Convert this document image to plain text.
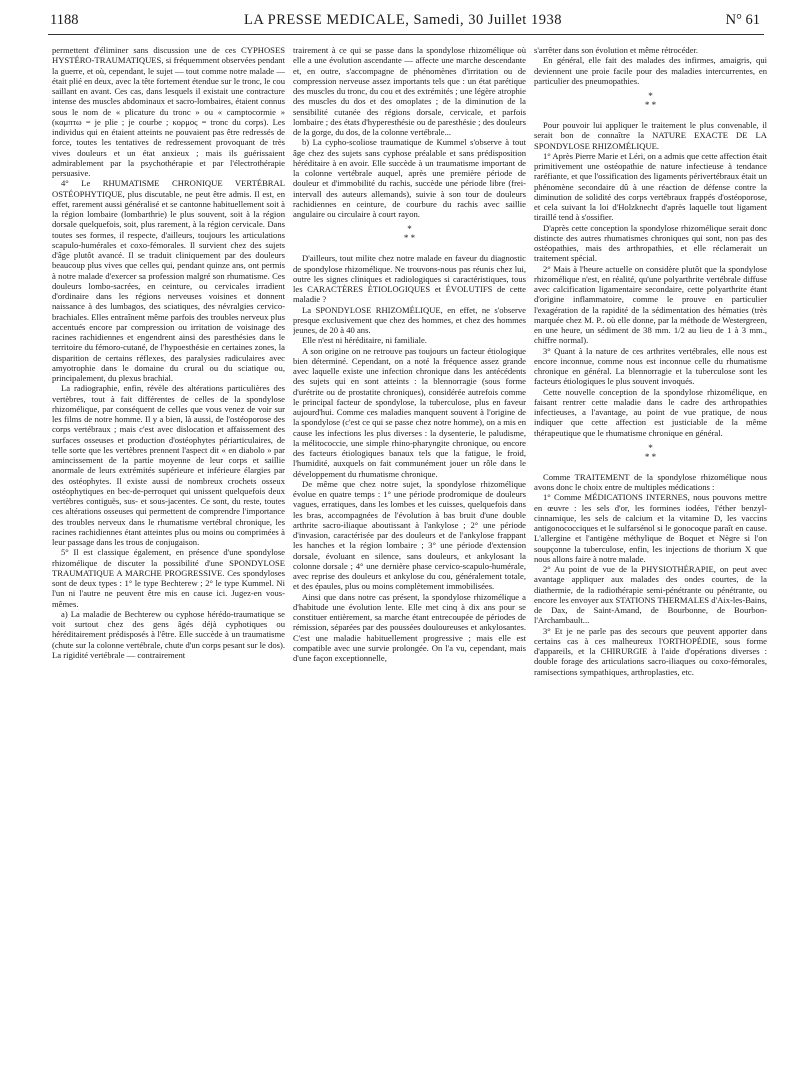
1188	LA PRESSE MEDICALE, Samedi, 30 Juillet 1938	N° 61

permettent d'éliminer sans discussion une de ces CYPHOSES HYSTÉRO-TRAUMATIQUES, si fréquemment observées pendant la guerre, et où, cependant, le sujet — tout comme notre malade — était plié en deux, avec la tête fortement étendue sur le tronc, le cou saillant en avant. Ces cas, dans lesquels il existait une contracture intense des muscles abdominaux et sacro-lombaires, étaient connus sous le nom de « plicature du tronc » ou « camptocormie » (καμπτω = je plie ; je courbe ; κορμος = tronc du corps). Les individus qui en étaient atteints ne pouvaient pas être redressés de force, toutes les tentatives de redressement provoquant de très vives douleurs et un état anxieux ; mais ils guérissaient admirablement par la psychothérapie et par l'électrothérapie persuasive.

4° Le RHUMATISME CHRONIQUE VERTÉBRAL OSTÉOPHYTIQUE, plus discutable, ne peut être admis. Il est, en effet, rarement aussi généralisé et se cantonne habituellement soit à la région lombaire (lombarthrie) le plus souvent, soit à la région dorsale quelquefois, soit, plus rarement, à la région cervicale. Dans toutes ses formes, il respecte, d'ailleurs, toujours les articulations scapulo-humérales et coxo-fémorales. Il survient chez des sujets d'âge plutôt avancé. Il se traduit cliniquement par des douleurs beaucoup plus vives que celles qui, pendant quinze ans, ont permis à notre malade d'exercer sa profession malgré son rhumatisme. Ces douleurs lombo-sacrées, en ceinture, ou cervicales irradient d'ordinaire dans les régions nerveuses voisines et donnent naissance à des lumbagos, des sciatiques, des névralgies cervico-brachiales. Elles entraînent même parfois des troubles nerveux plus accentués encore par compression ou irritation de voisinage des racines rachidiennes et engendrent ainsi des paresthésies dans le territoire du fémoro-cutané, de l'hypoesthésie en certaines zones, la disparition de certains réflexes, des paralysies radiculaires avec amyotrophie dans le domaine du crural ou du sciatique ou, principalement, du plexus brachial.

La radiographie, enfin, révèle des altérations particulières des vertèbres, tout à fait différentes de celles de la spondylose rhizomélique, par conséquent de celles que vous venez de voir sur les films de notre homme. Il y a bien, là aussi, de l'ostéoporose des corps vertébraux ; mais c'est avec dislocation et affaissement des surfaces osseuses et production d'ostéophytes périarticulaires, de telle sorte que les vertèbres prennent l'aspect dit « en diabolo » par amincissement de la partie moyenne de leur corps et saillie anormale de leurs extrémités supérieure et inférieure élargies par des ostéophytes. Il existe aussi de nombreux crochets osseux ostéophytiques en bec-de-perroquet qui unissent quelquefois deux vertèbres contiguës, sus- et sous-jacentes. Ce sont, du reste, toutes ces altérations osseuses qui permettent de comprendre l'importance des troubles nerveux dans le rhumatisme vertébral chronique, les racines rachidiennes étant atteintes plus ou moins ou comprimées à leur passage dans les trous de conjugaison.

5° Il est classique également, en présence d'une spondylose rhizomélique de discuter la possibilité d'une SPONDYLOSE TRAUMATIQUE A MARCHE PROGRESSIVE. Ces spondyloses sont de deux types : 1° le type Bechterew ; 2° le type Kummel. Ni l'un ni l'autre ne peuvent être mis en cause ici. Jugez-en vous-mêmes.

a) La maladie de Bechterew ou cyphose hérédo-traumatique se voit surtout chez des gens âgés déjà cyphotiques ou héréditairement prédisposés à l'être. Elle succède à un traumatisme (chute sur la colonne vertébrale, chute d'un corps pesant sur le dos). La rigidité vertébrale — contrairement

trairement à ce qui se passe dans la spondylose rhizomélique où elle a une évolution ascendante — affecte une marche descendante et, en outre, s'accompagne de phénomènes d'irritation ou de compression nerveuse assez importants tels que : un état parétique des muscles du tronc, du cou et des extrémités ; une légère atrophie des muscles du dos et des omoplates ; de la diminution de la sensibilité cutanée des régions dorsale, cervicale, et parfois lombaire ; des états d'hyperesthésie ou de paresthésie ; des douleurs de la gorge, du dos, de la colonne vertébrale...

b) La cypho-scoliose traumatique de Kummel s'observe à tout âge chez des sujets sans cyphose préalable et sans prédisposition héréditaire à en avoir. Elle succède à un traumatisme important de la colonne vertébrale auquel, après une première période de douleur et d'immobilité du rachis, succède une période libre (frei-intervall des auteurs allemands), suivie à son tour de douleurs rachidiennes en ceinture, de courbure du rachis avec saillie angulaire ou circulaire à court rayon.

*
* *

D'ailleurs, tout milite chez notre malade en faveur du diagnostic de spondylose rhizomélique. Ne trouvons-nous pas réunis chez lui, outre les signes cliniques et radiologiques si caractéristiques, tous les CARACTÈRES ÉTIOLOGIQUES et ÉVOLUTIFS de cette maladie ?

La SPONDYLOSE RHIZOMÉLIQUE, en effet, ne s'observe presque exclusivement que chez des hommes, et chez des hommes jeunes, de 20 à 40 ans.

Elle n'est ni héréditaire, ni familiale.

A son origine on ne retrouve pas toujours un facteur étiologique bien déterminé. Cependant, on a noté la fréquence assez grande avec laquelle existe une infection chronique dans les antécédents des sujets qui en sont atteints : la blennorragie (sous forme d'urétrite ou de prostatite chroniques), considérée autrefois comme le principal facteur de spondylose, la tuberculose, plus en faveur aujourd'hui. Comme ces maladies manquent souvent à l'origine de la spondylose (c'est ce qui se passe chez notre homme), on a mis en cause les infections les plus diverses : la dysenterie, le paludisme, la mélitococcie, une simple rhino-pharyngite chronique, ou encore des facteurs étiologiques banaux tels que la fatigue, le froid, l'humidité, auxquels on fait communément jouer un rôle dans le développement du rhumatisme chronique.

De même que chez notre sujet, la spondylose rhizomélique évolue en quatre temps : 1° une période prodromique de douleurs vagues, erratiques, dans les lombes et les cuisses, quelquefois dans les bras, accompagnées de l'évolution à bas bruit d'une double arthrite sacro-iliaque aboutissant à l'ankylose ; 2° une période d'invasion, caractérisée par des douleurs et de l'ankylose frappant les hanches et la région lombaire ; 3° une période d'extension dorsale, évoluant en silence, sans douleurs, et ankylosant la colonne dorsale ; 4° une dernière phase cervico-scapulo-humérale, avec reprise des douleurs et ankylose du cou, généralement totale, et des épaules, plus ou moins complètement immobilisées.

Ainsi que dans notre cas présent, la spondylose rhizomélique a d'habitude une évolution lente. Elle met cinq à dix ans pour se constituer entièrement, sa marche étant entrecoupée de périodes de rémission, séparées par des poussées douloureuses et ankylosantes. C'est une maladie habituellement progressive ; mais elle est compatible avec une survie prolongée. On l'a vu, cependant, mais d'une façon exceptionnelle,

s'arrêter dans son évolution et même rétrocéder.

En général, elle fait des malades des infirmes, amaigris, qui deviennent une proie facile pour des maladies intercurrentes, en particulier des pneumopathies.

*
* *

Pour pouvoir lui appliquer le traitement le plus convenable, il serait bon de connaître la NATURE EXACTE DE LA SPONDYLOSE RHIZOMÉLIQUE.

1° Après Pierre Marie et Léri, on a admis que cette affection était primitivement une ostéopathie de nature infectieuse à tendance raréfiante, et que l'ossification des ligaments périvertébraux était un phénomène secondaire dû à une réaction de défense contre la diminution de solidité des corps vertébraux frappés d'ostéoporose, et cela suivant la loi d'Holzknecht d'après laquelle tout ligament tiraillé tend à s'ossifier.

D'après cette conception la spondylose rhizomélique serait donc distincte des autres rhumatismes chroniques qui sont, non pas des ostéopathies, mais des arthropathies, et elle réclamerait un traitement spécial.

2° Mais à l'heure actuelle on considère plutôt que la spondylose rhizomélique n'est, en réalité, qu'une polyarthrite vertébrale diffuse avec calcification ligamentaire secondaire, cette polyarthrite étant d'origine inflammatoire, comme le prouve en particulier l'exagération de la rapidité de la sédimentation des hématies (très marquée chez M. P.. où elle donne, par la méthode de Westergreen, en une heure, un sédiment de 38 mm. 1/2 au lieu de 1 à 3 mm., chiffre normal).

3° Quant à la nature de ces arthrites vertébrales, elle nous est encore inconnue, comme nous est inconnue celle du rhumatisme chronique en général. La blennorragie et la tuberculose sont les facteurs étiologiques le plus souvent invoqués.

Cette nouvelle conception de la spondylose rhizomélique, en faisant rentrer cette maladie dans le cadre des arthropathies infectieuses, a l'avantage, au point de vue pratique, de nous indiquer que cette affection est justiciable de la même thérapeutique que le rhumatisme chronique en général.

*
* *

Comme TRAITEMENT de la spondylose rhizomélique nous avons donc le choix entre de multiples médications :

1° Comme MÉDICATIONS INTERNES, nous pouvons mettre en œuvre : les sels d'or, les formines iodées, l'éther benzyl-cinnamique, les sels de calcium et la vitamine D, les vaccins antigonococciques et le sulfarsénol si le gonocoque paraît en cause. L'allergine et l'antigène méthylique de Boquet et Nègre si l'on soupçonne la tuberculose, enfin, les injections de thorium X que nous allons faire à notre malade.

2° Au point de vue de la PHYSIOTHÉRAPIE, on peut avec avantage appliquer aux malades des ondes courtes, de la diathermie, de la radiothérapie semi-pénétrante ou pénétrante, ou encore les envoyer aux STATIONS THERMALES d'Aix-les-Bains, de Dax, de Saint-Amand, de Bourbonne, de Bourbon-l'Archambault...

3° Et je ne parle pas des secours que peuvent apporter dans certains cas à ces malheureux l'ORTHOPÉDIE, sous forme d'appareils, et la CHIRURGIE à l'aide d'opérations diverses : double forage des articulations sacro-iliaques ou coxo-fémorales, ramisections sympathiques, arthroplasties, etc.
